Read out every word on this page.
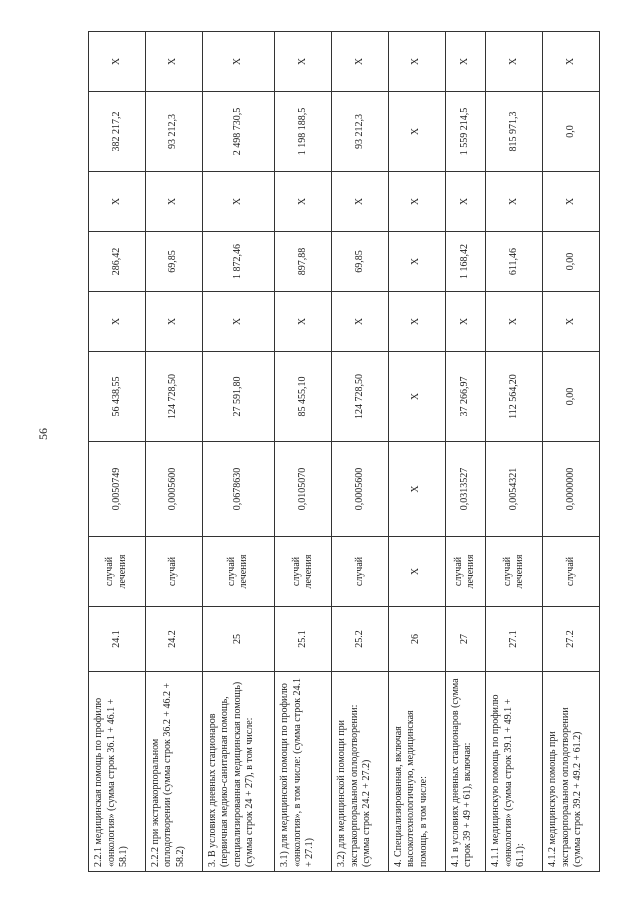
56
2.2.1 медицинская помощь по профилю «онкология» (сумма строк 36.1 + 46.1 + 58.1)	24.1	случай лечения	0,0050749	56 438,55	X	286,42	X	382 217,2	X
2.2.2 при экстракорпоральном оплодотворении (сумма строк 36.2 + 46.2 + 58.2)	24.2	случай	0,0005600	124 728,50	X	69,85	X	93 212,3	X
3. В условиях дневных стационаров (первичная медико-санитарная помощь, специализированная медицинская помощь) (сумма строк 24 + 27), в том числе:	25	случай лечения	0,0678630	27 591,80	X	1 872,46	X	2 498 730,5	X
3.1) для медицинской помощи по профилю «онкология», в том числе: (сумма строк 24.1 + 27.1)	25.1	случай лечения	0,0105070	85 455,10	X	897,88	X	1 198 188,5	X
3.2) для медицинской помощи при экстракорпоральном оплодотворении: (сумма строк 24.2 + 27.2)	25.2	случай	0,0005600	124 728,50	X	69,85	X	93 212,3	X
4. Специализированная, включая высокотехнологичную, медицинская помощь, в том числе:	26	X	X	X	X	X	X	X	X
4.1 в условиях дневных стационаров (сумма строк 39 + 49 + 61), включая:	27	случай лечения	0,0313527	37 266,97	X	1 168,42	X	1 559 214,5	X
4.1.1 медицинскую помощь по профилю «онкология» (сумма строк 39.1 + 49.1 + 61.1):	27.1	случай лечения	0,0054321	112 564,20	X	611,46	X	815 971,3	X
4.1.2 медицинскую помощь при экстракорпоральном оплодотворении (сумма строк 39.2 + 49.2 + 61.2)	27.2	случай	0,0000000	0,00	X	0,00	X	0,0	X
